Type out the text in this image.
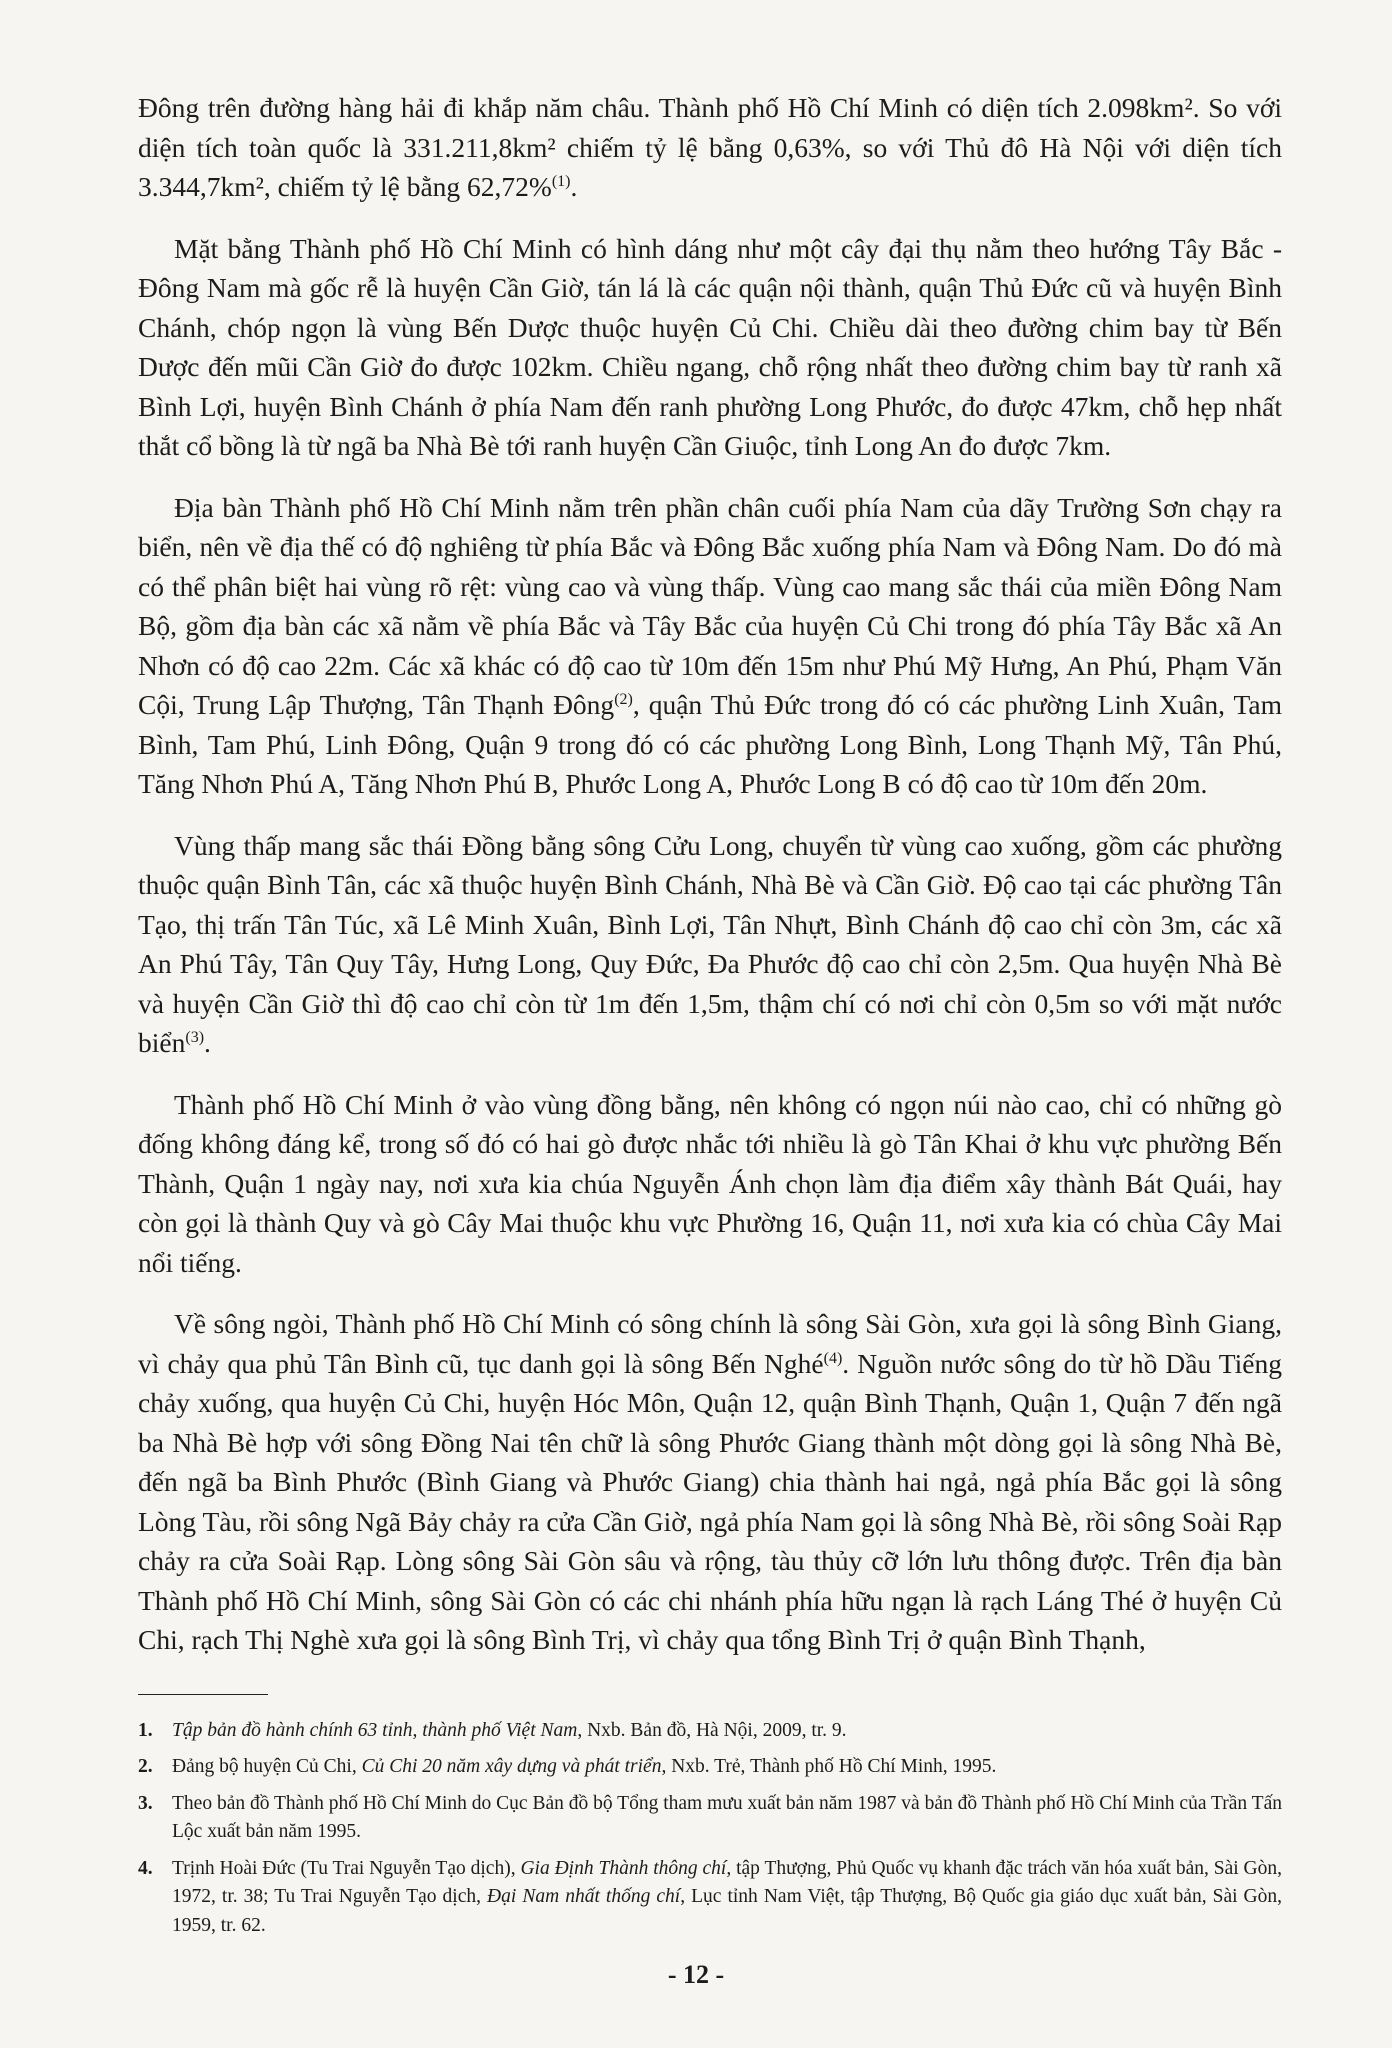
Đông trên đường hàng hải đi khắp năm châu. Thành phố Hồ Chí Minh có diện tích 2.098km². So với diện tích toàn quốc là 331.211,8km² chiếm tỷ lệ bằng 0,63%, so với Thủ đô Hà Nội với diện tích 3.344,7km², chiếm tỷ lệ bằng 62,72%$^{(1)}$.

Mặt bằng Thành phố Hồ Chí Minh có hình dáng như một cây đại thụ nằm theo hướng Tây Bắc - Đông Nam mà gốc rễ là huyện Cần Giờ, tán lá là các quận nội thành, quận Thủ Đức cũ và huyện Bình Chánh, chóp ngọn là vùng Bến Dược thuộc huyện Củ Chi. Chiều dài theo đường chim bay từ Bến Dược đến mũi Cần Giờ đo được 102km. Chiều ngang, chỗ rộng nhất theo đường chim bay từ ranh xã Bình Lợi, huyện Bình Chánh ở phía Nam đến ranh phường Long Phước, đo được 47km, chỗ hẹp nhất thắt cổ bồng là từ ngã ba Nhà Bè tới ranh huyện Cần Giuộc, tỉnh Long An đo được 7km.

Địa bàn Thành phố Hồ Chí Minh nằm trên phần chân cuối phía Nam của dãy Trường Sơn chạy ra biển, nên về địa thế có độ nghiêng từ phía Bắc và Đông Bắc xuống phía Nam và Đông Nam. Do đó mà có thể phân biệt hai vùng rõ rệt: vùng cao và vùng thấp. Vùng cao mang sắc thái của miền Đông Nam Bộ, gồm địa bàn các xã nằm về phía Bắc và Tây Bắc của huyện Củ Chi trong đó phía Tây Bắc xã An Nhơn có độ cao 22m. Các xã khác có độ cao từ 10m đến 15m như Phú Mỹ Hưng, An Phú, Phạm Văn Cội, Trung Lập Thượng, Tân Thạnh Đông$^{(2)}$, quận Thủ Đức trong đó có các phường Linh Xuân, Tam Bình, Tam Phú, Linh Đông, Quận 9 trong đó có các phường Long Bình, Long Thạnh Mỹ, Tân Phú, Tăng Nhơn Phú A, Tăng Nhơn Phú B, Phước Long A, Phước Long B có độ cao từ 10m đến 20m.

Vùng thấp mang sắc thái Đồng bằng sông Cửu Long, chuyển từ vùng cao xuống, gồm các phường thuộc quận Bình Tân, các xã thuộc huyện Bình Chánh, Nhà Bè và Cần Giờ. Độ cao tại các phường Tân Tạo, thị trấn Tân Túc, xã Lê Minh Xuân, Bình Lợi, Tân Nhựt, Bình Chánh độ cao chỉ còn 3m, các xã An Phú Tây, Tân Quy Tây, Hưng Long, Quy Đức, Đa Phước độ cao chỉ còn 2,5m. Qua huyện Nhà Bè và huyện Cần Giờ thì độ cao chỉ còn từ 1m đến 1,5m, thậm chí có nơi chỉ còn 0,5m so với mặt nước biển$^{(3)}$.

Thành phố Hồ Chí Minh ở vào vùng đồng bằng, nên không có ngọn núi nào cao, chỉ có những gò đống không đáng kể, trong số đó có hai gò được nhắc tới nhiều là gò Tân Khai ở khu vực phường Bến Thành, Quận 1 ngày nay, nơi xưa kia chúa Nguyễn Ánh chọn làm địa điểm xây thành Bát Quái, hay còn gọi là thành Quy và gò Cây Mai thuộc khu vực Phường 16, Quận 11, nơi xưa kia có chùa Cây Mai nổi tiếng.

Về sông ngòi, Thành phố Hồ Chí Minh có sông chính là sông Sài Gòn, xưa gọi là sông Bình Giang, vì chảy qua phủ Tân Bình cũ, tục danh gọi là sông Bến Nghé$^{(4)}$. Nguồn nước sông do từ hồ Dầu Tiếng chảy xuống, qua huyện Củ Chi, huyện Hóc Môn, Quận 12, quận Bình Thạnh, Quận 1, Quận 7 đến ngã ba Nhà Bè hợp với sông Đồng Nai tên chữ là sông Phước Giang thành một dòng gọi là sông Nhà Bè, đến ngã ba Bình Phước (Bình Giang và Phước Giang) chia thành hai ngả, ngả phía Bắc gọi là sông Lòng Tàu, rồi sông Ngã Bảy chảy ra cửa Cần Giờ, ngả phía Nam gọi là sông Nhà Bè, rồi sông Soài Rạp chảy ra cửa Soài Rạp. Lòng sông Sài Gòn sâu và rộng, tàu thủy cỡ lớn lưu thông được. Trên địa bàn Thành phố Hồ Chí Minh, sông Sài Gòn có các chi nhánh phía hữu ngạn là rạch Láng Thé ở huyện Củ Chi, rạch Thị Nghè xưa gọi là sông Bình Trị, vì chảy qua tổng Bình Trị ở quận Bình Thạnh,

1. Tập bản đồ hành chính 63 tỉnh, thành phố Việt Nam, Nxb. Bản đồ, Hà Nội, 2009, tr. 9.
2. Đảng bộ huyện Củ Chi, Củ Chi 20 năm xây dựng và phát triển, Nxb. Trẻ, Thành phố Hồ Chí Minh, 1995.
3. Theo bản đồ Thành phố Hồ Chí Minh do Cục Bản đồ bộ Tổng tham mưu xuất bản năm 1987 và bản đồ Thành phố Hồ Chí Minh của Trần Tấn Lộc xuất bản năm 1995.
4. Trịnh Hoài Đức (Tu Trai Nguyễn Tạo dịch), Gia Định Thành thông chí, tập Thượng, Phủ Quốc vụ khanh đặc trách văn hóa xuất bản, Sài Gòn, 1972, tr. 38; Tu Trai Nguyễn Tạo dịch, Đại Nam nhất thống chí, Lục tỉnh Nam Việt, tập Thượng, Bộ Quốc gia giáo dục xuất bản, Sài Gòn, 1959, tr. 62.
- 12 -
